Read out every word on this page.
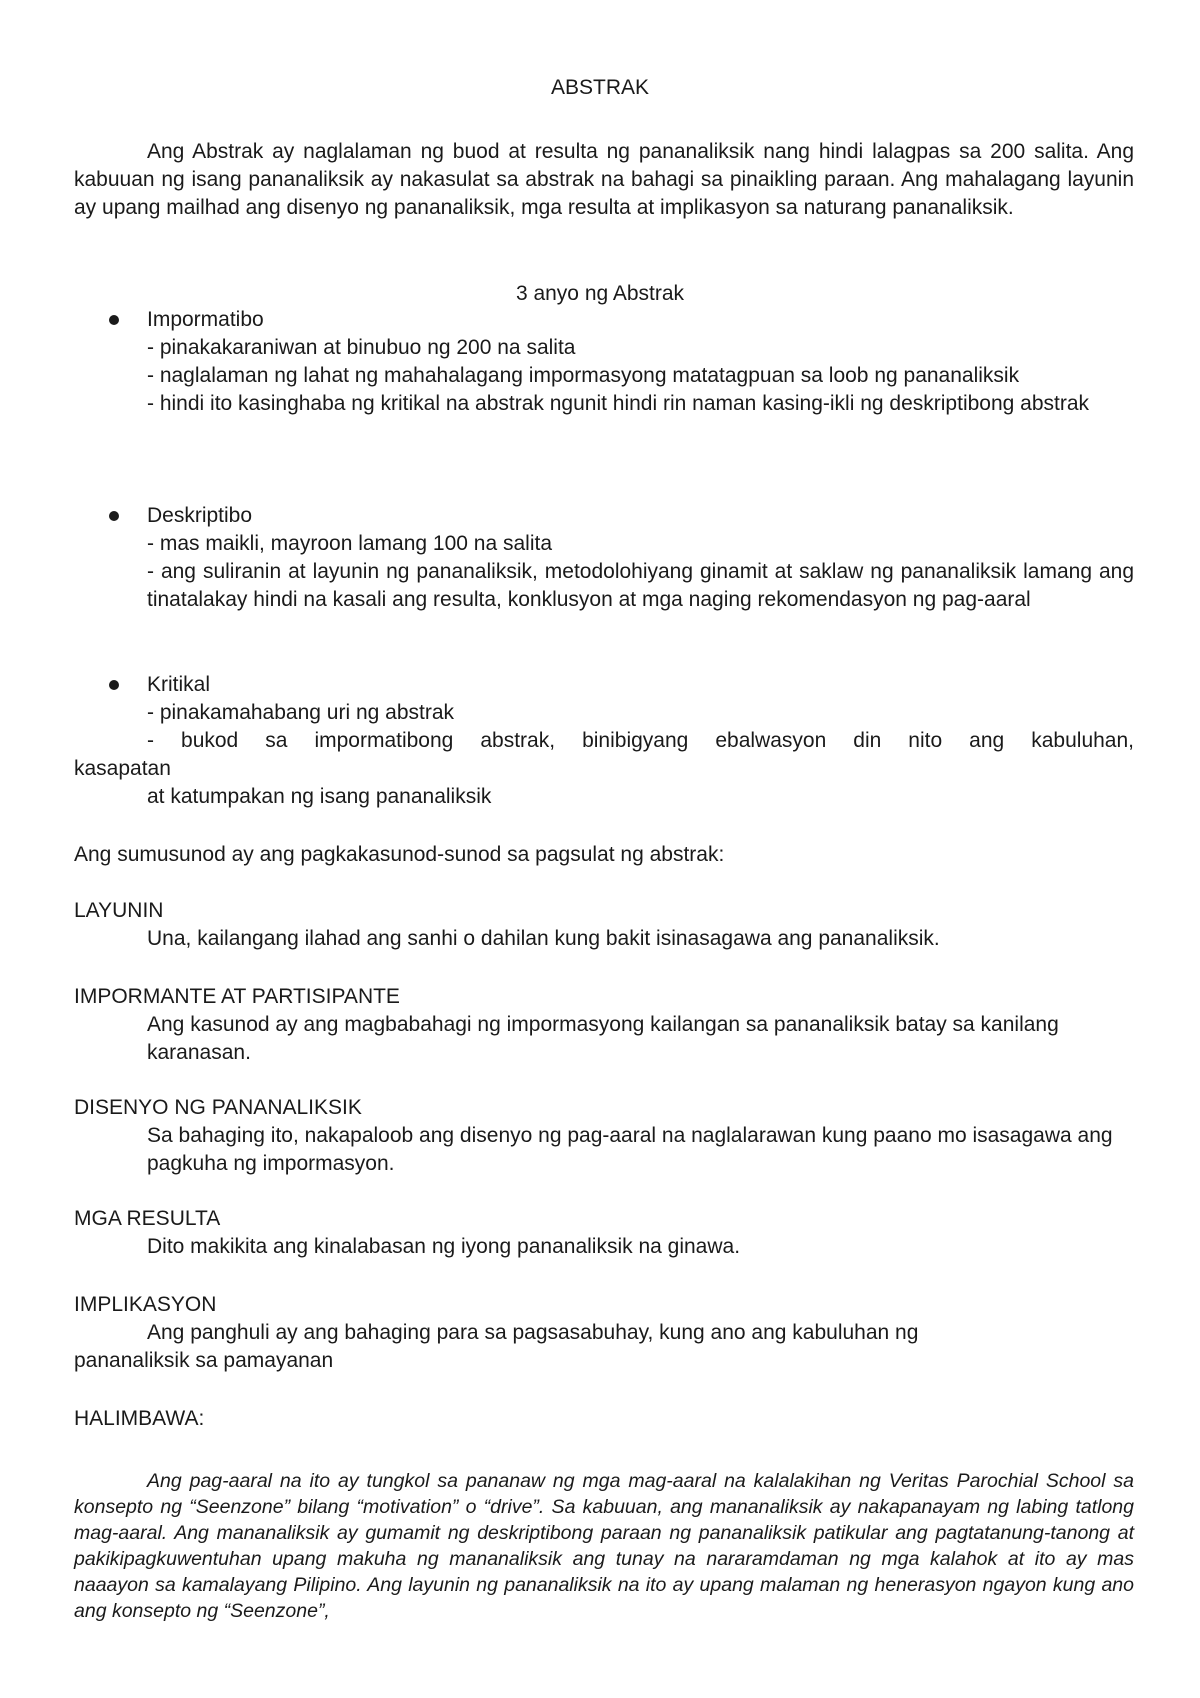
ABSTRAK

Ang Abstrak ay naglalaman ng buod at resulta ng pananaliksik nang hindi lalagpas sa 200 salita. Ang kabuuan ng isang pananaliksik ay nakasulat sa abstrak na bahagi sa pinaikling paraan. Ang mahalagang layunin ay upang mailhad ang disenyo ng pananaliksik, mga resulta at implikasyon sa naturang pananaliksik.

3 anyo ng Abstrak

Impormatibo

- pinakakaraniwan at binubuo ng 200 na salita

- naglalaman ng lahat ng mahahalagang impormasyong matatagpuan sa loob ng pananaliksik

- hindi ito kasinghaba ng kritikal na abstrak ngunit hindi rin naman kasing-ikli ng deskriptibong abstrak

Deskriptibo

- mas maikli, mayroon lamang 100 na salita

- ang suliranin at layunin ng pananaliksik, metodolohiyang ginamit at saklaw ng pananaliksik lamang ang tinatalakay hindi na kasali ang resulta, konklusyon at mga naging rekomendasyon ng pag-aaral

Kritikal

- pinakamahabang uri ng abstrak

- bukod sa impormatibong abstrak, binibigyang ebalwasyon din nito ang kabuluhan,

kasapatan
at katumpakan ng isang pananaliksik
Ang sumusunod ay ang pagkakasunod-sunod sa pagsulat ng abstrak:
LAYUNIN
Una, kailangang ilahad ang sanhi o dahilan kung bakit isinasagawa ang pananaliksik.
IMPORMANTE AT PARTISIPANTE
Ang kasunod ay ang magbabahagi ng impormasyong kailangan sa pananaliksik batay sa kanilang karanasan.
DISENYO NG PANANALIKSIK
Sa bahaging ito, nakapaloob ang disenyo ng pag-aaral na naglalarawan kung paano mo isasagawa ang pagkuha ng impormasyon.
MGA RESULTA
Dito makikita ang kinalabasan ng iyong pananaliksik na ginawa.
IMPLIKASYON
Ang panghuli ay ang bahaging para sa pagsasabuhay, kung ano ang kabuluhan ng
pananaliksik sa pamayanan
HALIMBAWA:

Ang pag-aaral na ito ay tungkol sa pananaw ng mga mag-aaral na kalalakihan ng Veritas Parochial School sa konsepto ng “Seenzone” bilang “motivation” o “drive”. Sa kabuuan, ang mananaliksik ay nakapanayam ng labing tatlong mag-aaral. Ang mananaliksik ay gumamit ng deskriptibong paraan ng pananaliksik patikular ang pagtatanung-tanong at pakikipagkuwentuhan upang makuha ng mananaliksik ang tunay na nararamdaman ng mga kalahok at ito ay mas naaayon sa kamalayang Pilipino. Ang layunin ng pananaliksik na ito ay upang malaman ng henerasyon ngayon kung ano ang konsepto ng “Seenzone”,
